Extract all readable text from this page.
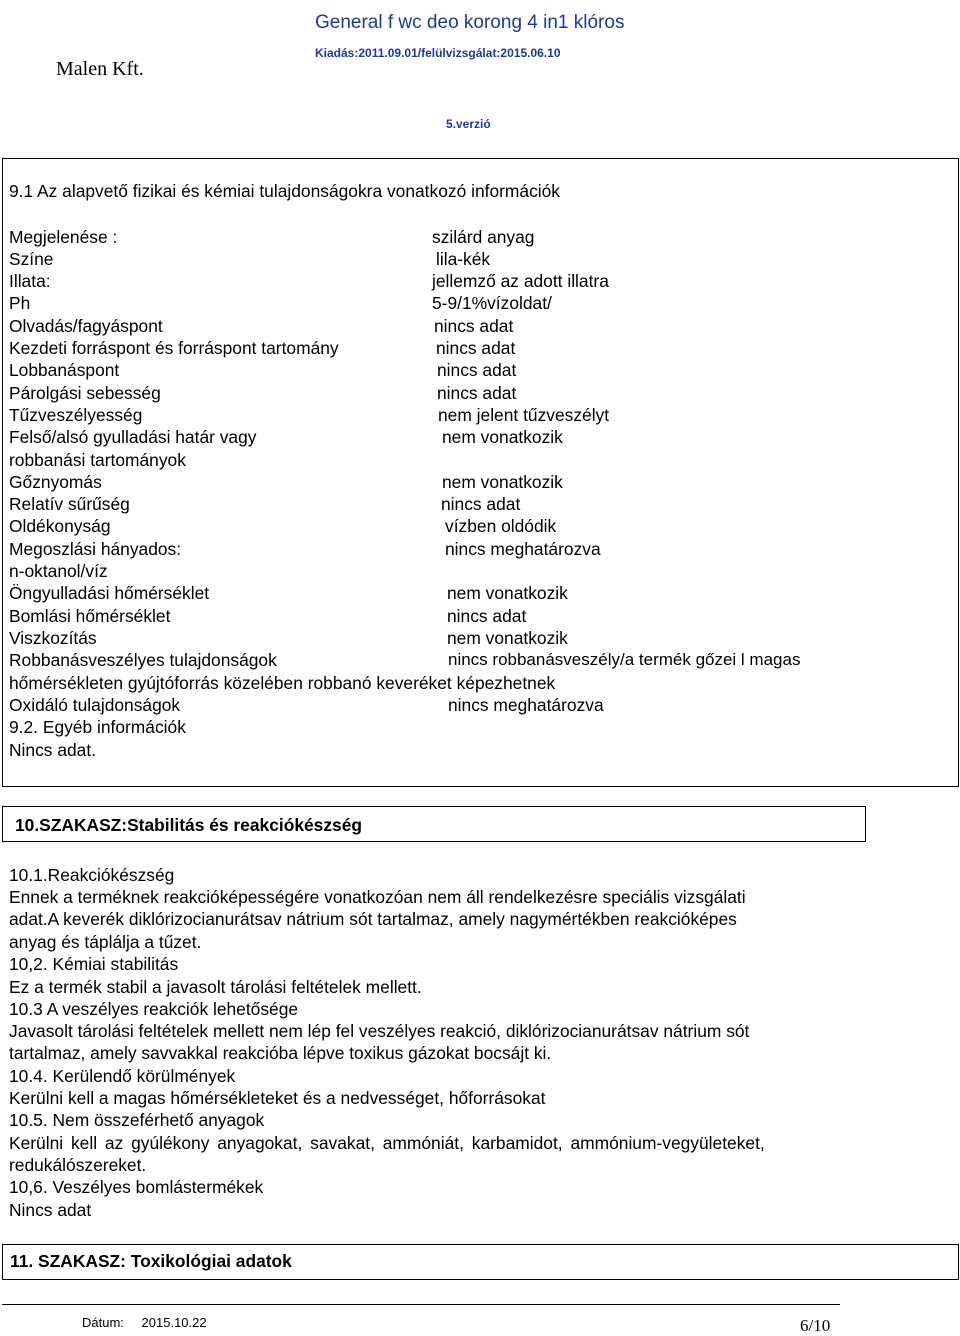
Malen Kft.
General f wc deo korong 4 in1 klóros
Kiadás:2011.09.01/felülvizsgálat:2015.06.10
5.verzió
9.1 Az alapvető fizikai és kémiai tulajdonságokra vonatkozó információk
Megjelenése :	szilárd anyag
Színe	lila-kék
Illata:	jellemző az adott illatra
Ph	5-9/1%vízoldat/
Olvadás/fagyáspont	nincs adat
Kezdeti forráspont és forráspont tartomány	nincs adat
Lobbanáspont	nincs adat
Párolgási sebesség	nincs adat
Tűzveszélyesség	nem jelent tűzveszélyt
Felső/alsó gyulladási határ vagy	nem vonatkozik
robbanási tartományok
Gőznyomás	nem vonatkozik
Relatív sűrűség	nincs adat
Oldékonyság	vízben oldódik
Megoszlási hányados:	nincs meghatározva
n-oktanol/víz
Öngyulladási hőmérséklet	nem vonatkozik
Bomlási hőmérséklet	nincs adat
Viszkozítás	nem vonatkozik
Robbanásveszélyes tulajdonságok	nincs robbanásveszély/a termék gőzei l magas
hőmérsékleten gyújtóforrás közelében robbanó keveréket képezhetnek
Oxidáló tulajdonságok	nincs meghatározva
9.2. Egyéb információk
Nincs adat.
10.SZAKASZ:Stabilitás és reakciókészség
10.1.Reakciókészség
Ennek a terméknek reakcióképességére vonatkozóan nem áll rendelkezésre speciális vizsgálati
adat.A keverék diklórizocianurátsav nátrium sót tartalmaz, amely nagymértékben reakcióképes
anyag és táplálja a tűzet.
10,2. Kémiai stabilitás
Ez a termék stabil a javasolt tárolási feltételek mellett.
10.3 A veszélyes reakciók lehetősége
Javasolt tárolási feltételek mellett nem lép fel veszélyes reakció, diklórizocianurátsav nátrium sót
tartalmaz, amely savvakkal reakcióba lépve toxikus gázokat bocsájt ki.
10.4. Kerülendő körülmények
Kerülni kell a magas hőmérsékleteket és a nedvességet, hőforrásokat
10.5. Nem összeférhető anyagok
Kerülni kell az gyúlékony anyagokat, savakat, ammóniát, karbamidot, ammónium-vegyületeket,
redukálószereket.
10,6. Veszélyes bomlástermékek
Nincs adat
11. SZAKASZ: Toxikológiai adatok
Dátum: 2015.10.22	6/10
